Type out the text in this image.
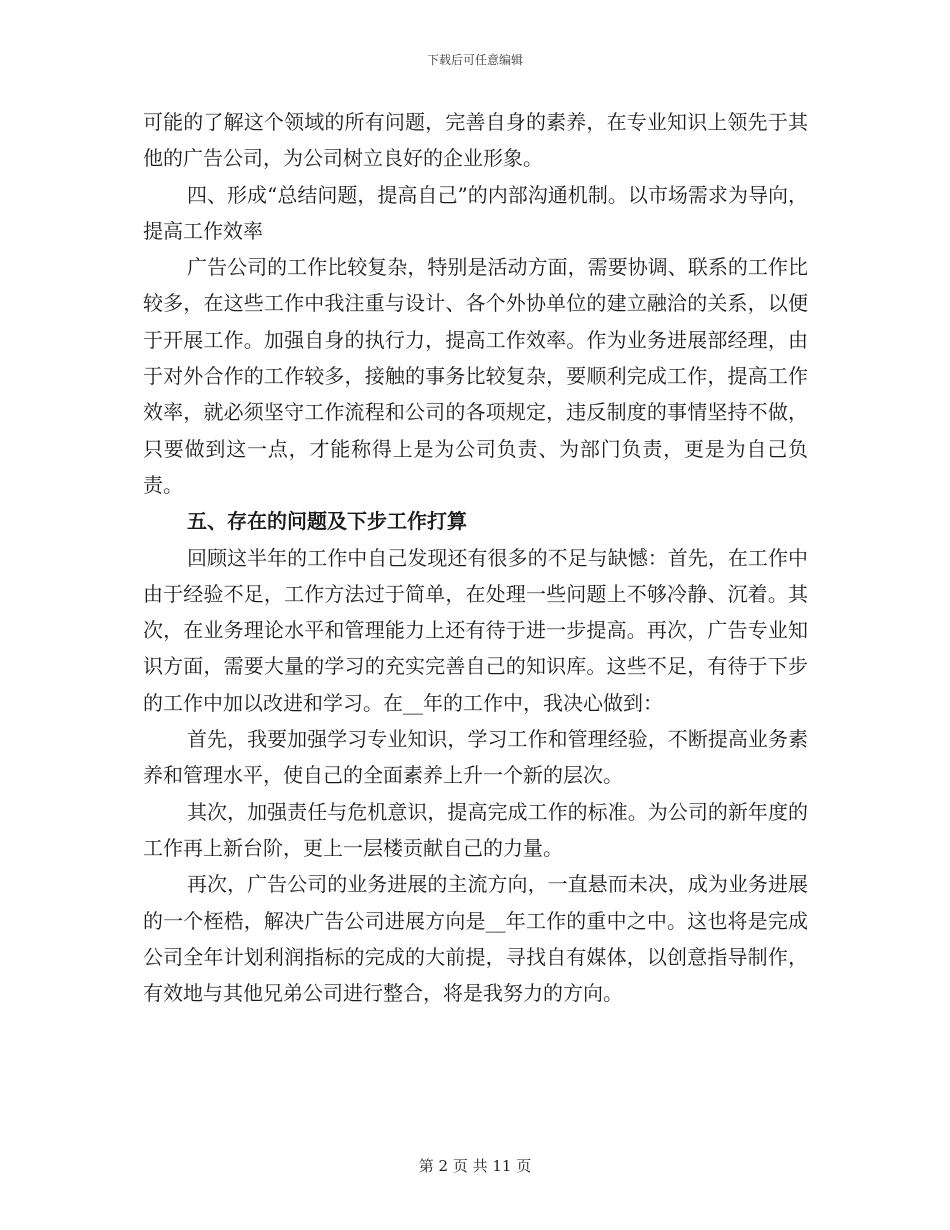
下载后可任意编辑

可能的了解这个领域的所有问题，完善自身的素养，在专业知识上领先于其他的广告公司，为公司树立良好的企业形象。

四、形成“总结问题，提高自己”的内部沟通机制。以市场需求为导向，提高工作效率

广告公司的工作比较复杂，特别是活动方面，需要协调、联系的工作比较多，在这些工作中我注重与设计、各个外协单位的建立融洽的关系，以便于开展工作。加强自身的执行力，提高工作效率。作为业务进展部经理，由于对外合作的工作较多，接触的事务比较复杂，要顺利完成工作，提高工作效率，就必须坚守工作流程和公司的各项规定，违反制度的事情坚持不做，只要做到这一点，才能称得上是为公司负责、为部门负责，更是为自己负责。

五、存在的问题及下步工作打算

回顾这半年的工作中自己发现还有很多的不足与缺憾：首先，在工作中由于经验不足，工作方法过于简单，在处理一些问题上不够冷静、沉着。其次，在业务理论水平和管理能力上还有待于进一步提高。再次，广告专业知识方面，需要大量的学习的充实完善自己的知识库。这些不足，有待于下步的工作中加以改进和学习。在__年的工作中，我决心做到：

首先，我要加强学习专业知识，学习工作和管理经验，不断提高业务素养和管理水平，使自己的全面素养上升一个新的层次。

其次，加强责任与危机意识，提高完成工作的标准。为公司的新年度的工作再上新台阶，更上一层楼贡献自己的力量。

再次，广告公司的业务进展的主流方向，一直悬而未决，成为业务进展的一个桎梏，解决广告公司进展方向是__年工作的重中之中。这也将是完成公司全年计划利润指标的完成的大前提，寻找自有媒体，以创意指导制作，有效地与其他兄弟公司进行整合，将是我努力的方向。

第 2 页 共 11 页
